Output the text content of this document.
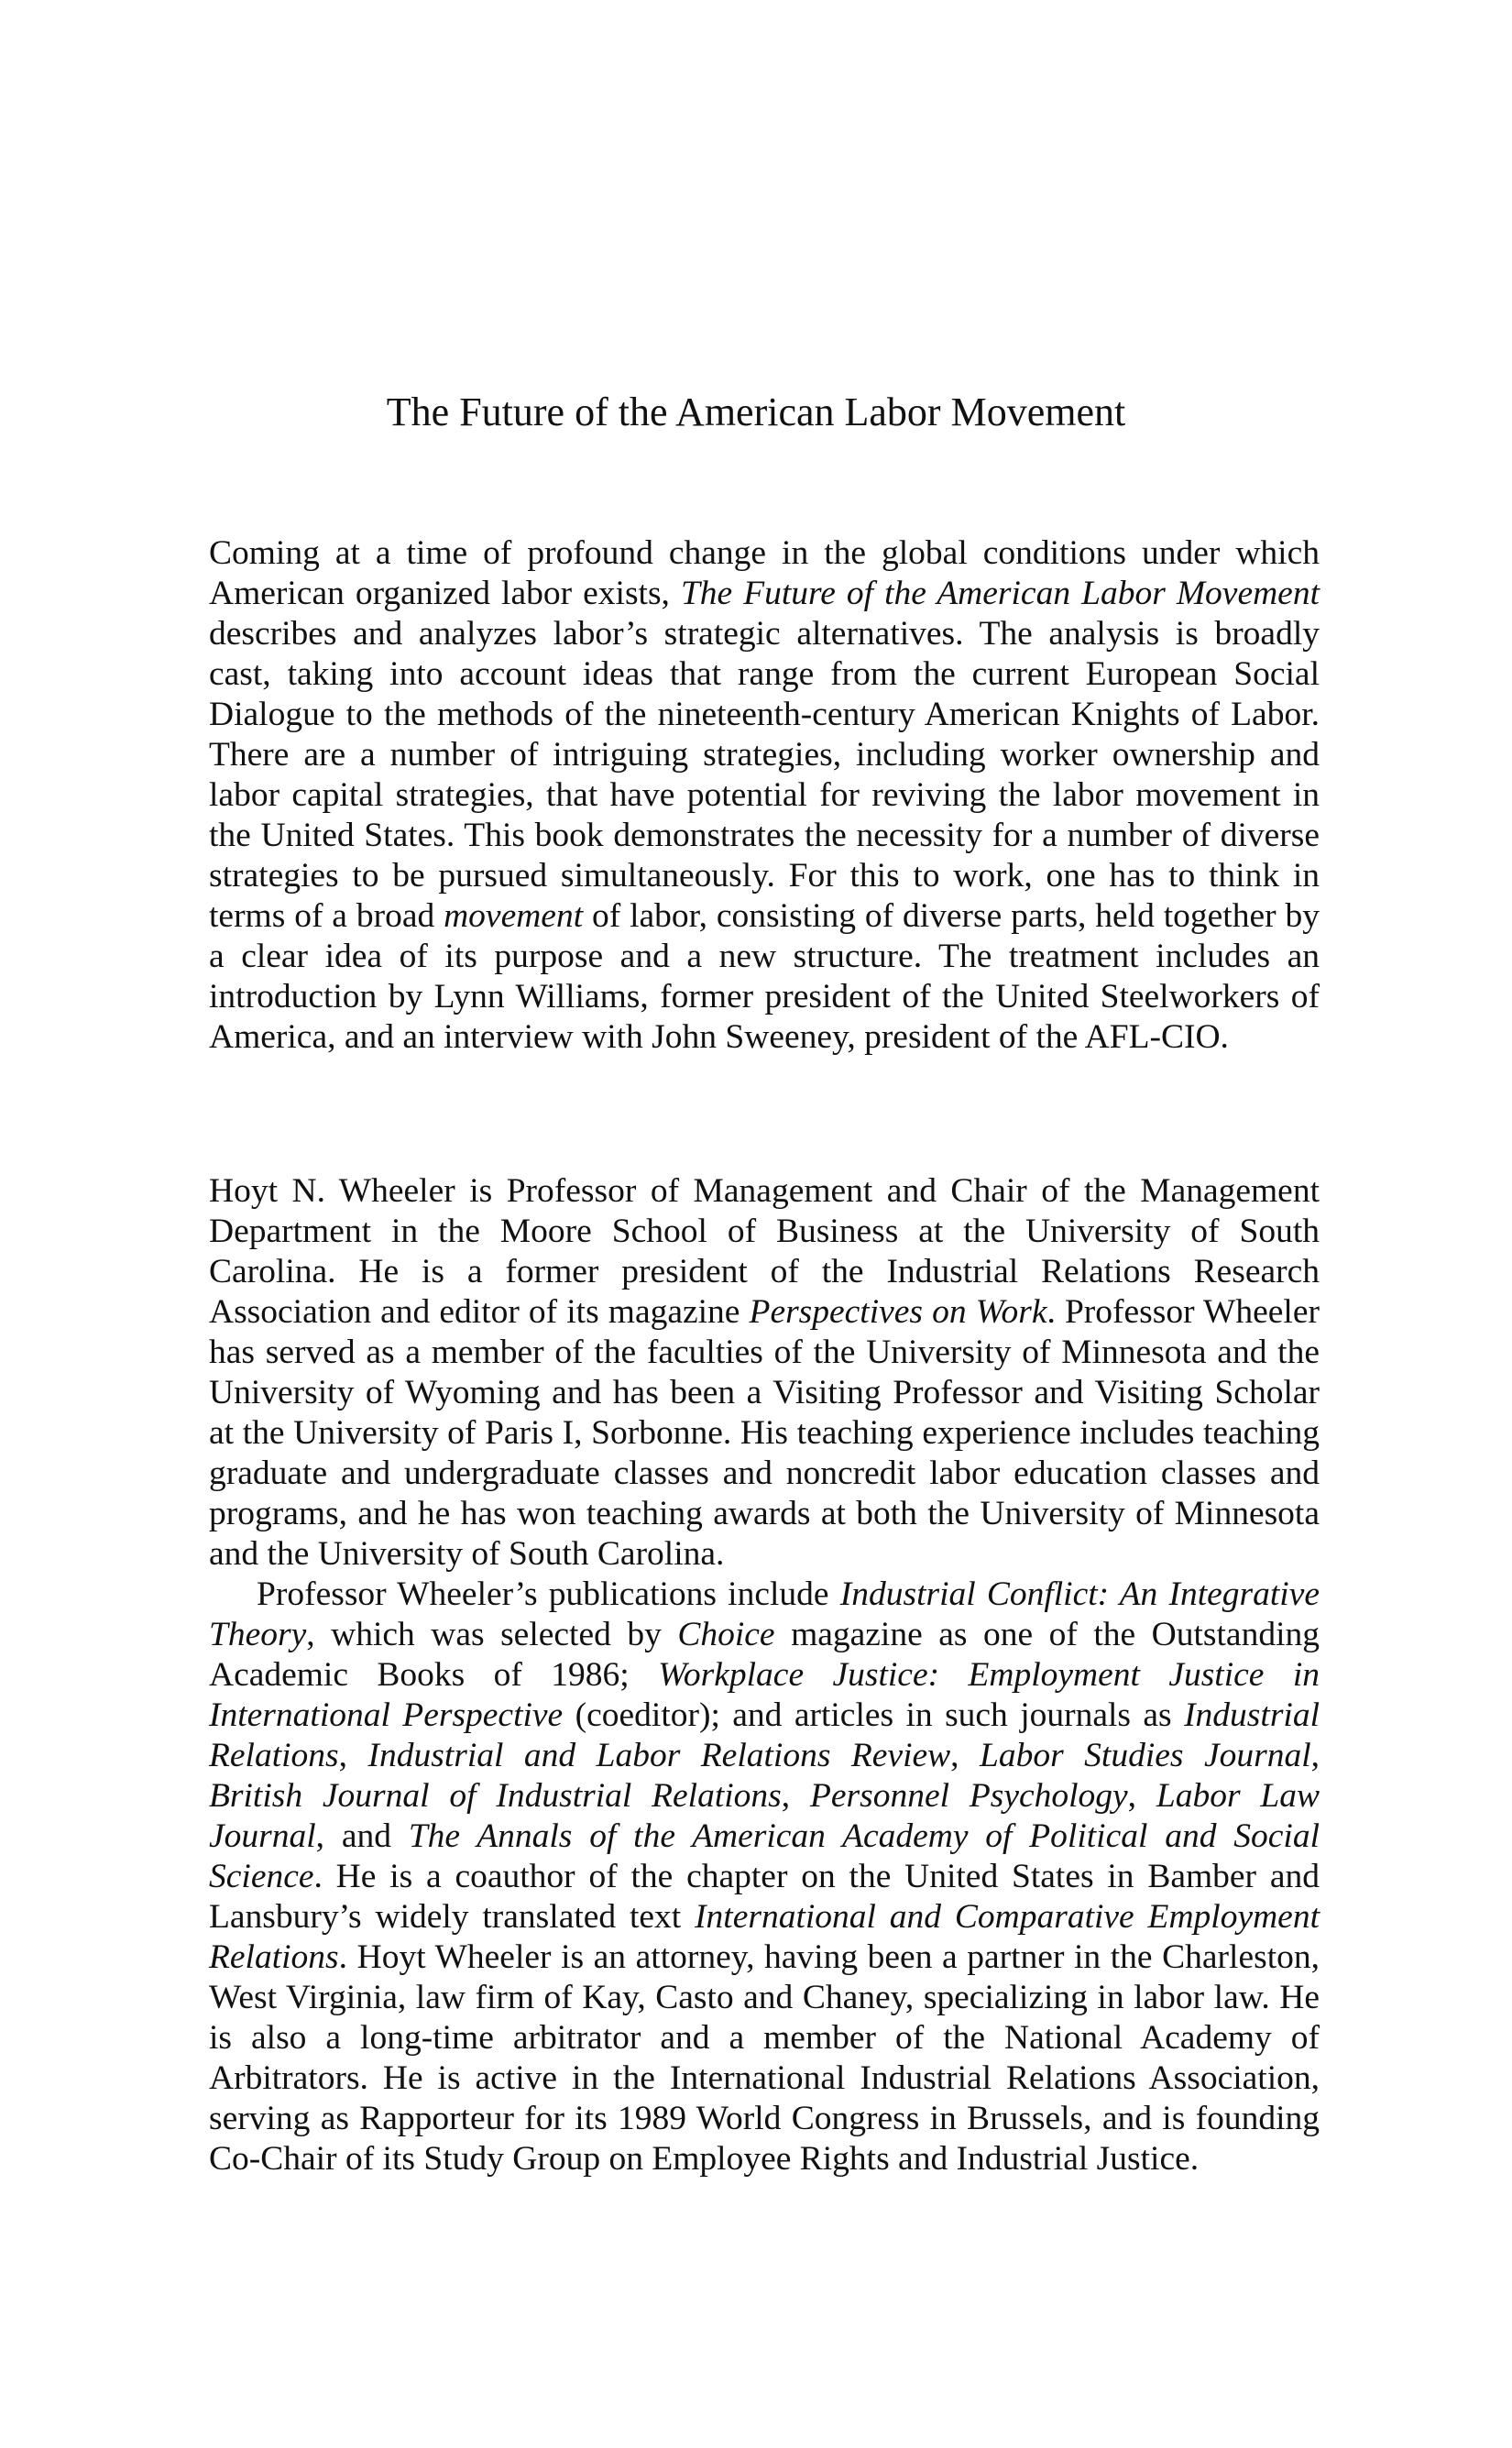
The Future of the American Labor Movement

Coming at a time of profound change in the global conditions under which American organized labor exists, The Future of the American Labor Movement describes and analyzes labor’s strategic alternatives. The analysis is broadly cast, taking into account ideas that range from the current European Social Dialogue to the methods of the nineteenth-century American Knights of Labor. There are a number of intriguing strategies, including worker ownership and labor capital strategies, that have potential for reviving the labor movement in the United States. This book demonstrates the necessity for a number of diverse strategies to be pursued simultaneously. For this to work, one has to think in terms of a broad movement of labor, consisting of diverse parts, held together by a clear idea of its purpose and a new structure. The treatment includes an introduction by Lynn Williams, former president of the United Steelworkers of America, and an interview with John Sweeney, president of the AFL-CIO.

Hoyt N. Wheeler is Professor of Management and Chair of the Management Department in the Moore School of Business at the University of South Carolina. He is a former president of the Industrial Relations Research Association and editor of its magazine Perspectives on Work. Professor Wheeler has served as a member of the faculties of the University of Minnesota and the University of Wyoming and has been a Visiting Professor and Visiting Scholar at the University of Paris I, Sorbonne. His teaching experience includes teaching graduate and undergraduate classes and noncredit labor education classes and programs, and he has won teaching awards at both the University of Minnesota and the University of South Carolina.

Professor Wheeler’s publications include Industrial Conflict: An Integrative Theory, which was selected by Choice magazine as one of the Outstanding Academic Books of 1986; Workplace Justice: Employment Justice in International Perspective (coeditor); and articles in such journals as Industrial Relations, Industrial and Labor Relations Review, Labor Studies Journal, British Journal of Industrial Relations, Personnel Psychology, Labor Law Journal, and The Annals of the American Academy of Political and Social Science. He is a coauthor of the chapter on the United States in Bamber and Lansbury’s widely translated text International and Comparative Employment Relations. Hoyt Wheeler is an attorney, having been a partner in the Charleston, West Virginia, law firm of Kay, Casto and Chaney, specializing in labor law. He is also a long-time arbitrator and a member of the National Academy of Arbitrators. He is active in the International Industrial Relations Association, serving as Rapporteur for its 1989 World Congress in Brussels, and is founding Co-Chair of its Study Group on Employee Rights and Industrial Justice.
